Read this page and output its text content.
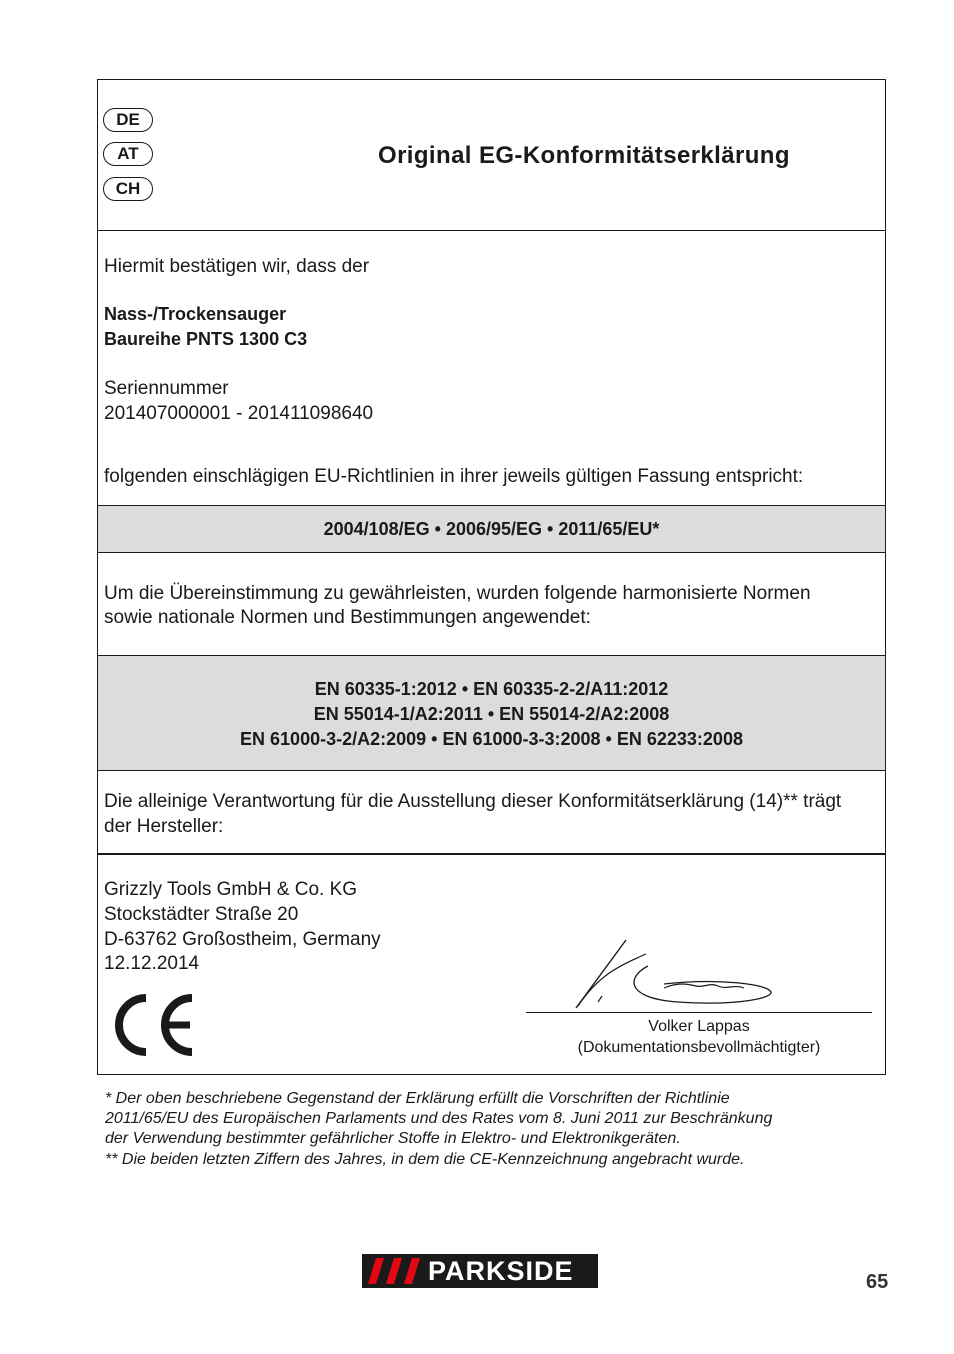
DE
AT
CH
Original EG-Konformitätserklärung
Hiermit bestätigen wir, dass der
Nass-/Trockensauger
Baureihe PNTS 1300 C3
Seriennummer
201407000001 - 201411098640
folgenden einschlägigen EU-Richtlinien in ihrer jeweils gültigen Fassung entspricht:
2004/108/EG • 2006/95/EG • 2011/65/EU*
Um die Übereinstimmung zu gewährleisten, wurden folgende harmonisierte Normen
sowie nationale Normen und Bestimmungen angewendet:
EN 60335-1:2012 • EN 60335-2-2/A11:2012
EN 55014-1/A2:2011 • EN 55014-2/A2:2008
EN 61000-3-2/A2:2009 • EN 61000-3-3:2008 • EN 62233:2008
Die alleinige Verantwortung für die Ausstellung dieser Konformitätserklärung (14)** trägt
der Hersteller:
Grizzly Tools GmbH & Co. KG
Stockstädter Straße 20
D-63762 Großostheim, Germany
12.12.2014
Volker Lappas
(Dokumentationsbevollmächtigter)
* Der oben beschriebene Gegenstand der Erklärung erfüllt die Vorschriften der Richtlinie
2011/65/EU des Europäischen Parlaments und des Rates vom 8. Juni 2011 zur Beschränkung
der Verwendung bestimmter gefährlicher Stoffe in Elektro- und Elektronikgeräten.
** Die beiden letzten Ziffern des Jahres, in dem die CE-Kennzeichnung angebracht wurde.
PARKSIDE	65
